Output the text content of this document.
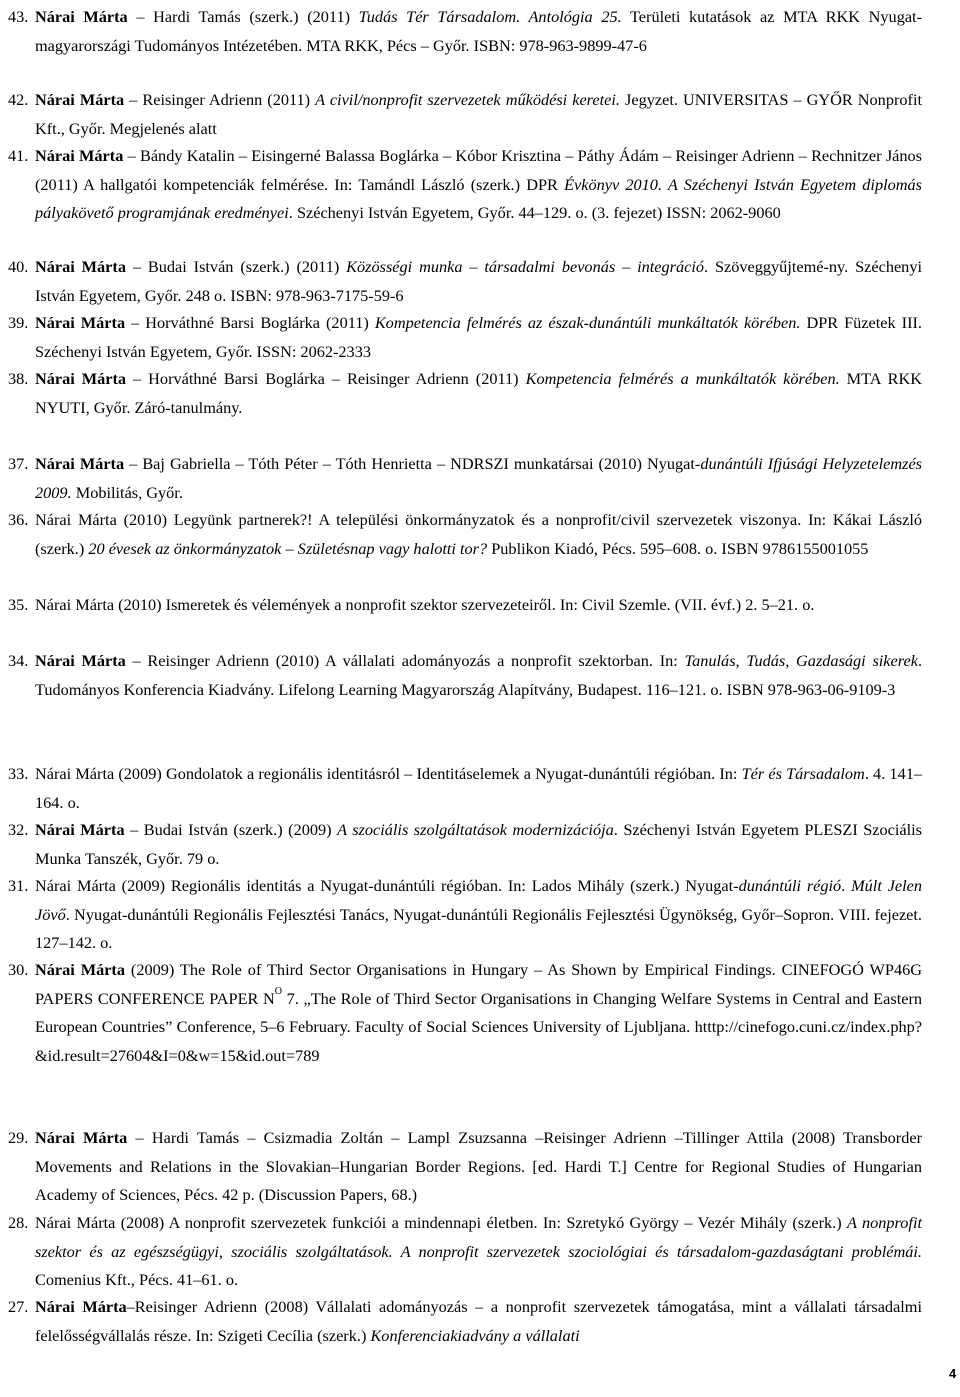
4
43. Nárai Márta – Hardi Tamás (szerk.) (2011) Tudás Tér Társadalom. Antológia 25. Területi kutatások az MTA RKK Nyugat-magyarországi Tudományos Intézetében. MTA RKK, Pécs – Győr. ISBN: 978-963-9899-47-6
42. Nárai Márta – Reisinger Adrienn (2011) A civil/nonprofit szervezetek működési keretei. Jegyzet. UNIVERSITAS – GYŐR Nonprofit Kft., Győr. Megjelenés alatt
41. Nárai Márta – Bándy Katalin – Eisingerné Balassa Boglárka – Kóbor Krisztina – Páthy Ádám – Reisinger Adrienn – Rechnitzer János (2011) A hallgatói kompetenciák felmérése. In: Tamándl László (szerk.) DPR Évkönyv 2010. A Széchenyi István Egyetem diplomás pályakövető programjának eredményei. Széchenyi István Egyetem, Győr. 44–129. o. (3. fejezet) ISSN: 2062-9060
40. Nárai Márta – Budai István (szerk.) (2011) Közösségi munka – társadalmi bevonás – integráció. Szöveggyűjtemé-ny. Széchenyi István Egyetem, Győr. 248 o. ISBN: 978-963-7175-59-6
39. Nárai Márta – Horváthné Barsi Boglárka (2011) Kompetencia felmérés az észak-dunántúli munkáltatók körében. DPR Füzetek III. Széchenyi István Egyetem, Győr. ISSN: 2062-2333
38. Nárai Márta – Horváthné Barsi Boglárka – Reisinger Adrienn (2011) Kompetencia felmérés a munkáltatók körében. MTA RKK NYUTI, Győr. Záró-tanulmány.
37. Nárai Márta – Baj Gabriella – Tóth Péter – Tóth Henrietta – NDRSZI munkatársai (2010) Nyugat-dunántúli Ifjúsági Helyzetelemzés 2009. Mobilitás, Győr.
36. Nárai Márta (2010) Legyünk partnerek?! A települési önkormányzatok és a nonprofit/civil szervezetek viszonya. In: Kákai László (szerk.) 20 évesek az önkormányzatok – Születésnap vagy halotti tor? Publikon Kiadó, Pécs. 595–608. o. ISBN 9786155001055
35. Nárai Márta (2010) Ismeretek és vélemények a nonprofit szektor szervezeteiről. In: Civil Szemle. (VII. évf.) 2. 5–21. o.
34. Nárai Márta – Reisinger Adrienn (2010) A vállalati adományozás a nonprofit szektorban. In: Tanulás, Tudás, Gazdasági sikerek. Tudományos Konferencia Kiadvány. Lifelong Learning Magyarország Alapítvány, Budapest. 116–121. o. ISBN 978-963-06-9109-3
33. Nárai Márta (2009) Gondolatok a regionális identitásról – Identitáselemek a Nyugat-dunántúli régióban. In: Tér és Társadalom. 4. 141–164. o.
32. Nárai Márta – Budai István (szerk.) (2009) A szociális szolgáltatások modernizációja. Széchenyi István Egyetem PLESZI Szociális Munka Tanszék, Győr. 79 o.
31. Nárai Márta (2009) Regionális identitás a Nyugat-dunántúli régióban. In: Lados Mihály (szerk.) Nyugat-dunántúli régió. Múlt Jelen Jövő. Nyugat-dunántúli Regionális Fejlesztési Tanács, Nyugat-dunántúli Regionális Fejlesztési Ügynökség, Győr–Sopron. VIII. fejezet. 127–142. o.
30. Nárai Márta (2009) The Role of Third Sector Organisations in Hungary – As Shown by Empirical Findings. CINEFOGÓ WP46G PAPERS CONFERENCE PAPER $N^O$ 7. „The Role of Third Sector Organisations in Changing Welfare Systems in Central and Eastern European Countries” Conference, 5–6 February. Faculty of Social Sciences University of Ljubljana. htttp://cinefogo.cuni.cz/index.php?&id.result=27604&I=0&w=15&id.out=789
29. Nárai Márta – Hardi Tamás – Csizmadia Zoltán – Lampl Zsuzsanna –Reisinger Adrienn –Tillinger Attila (2008) Transborder Movements and Relations in the Slovakian–Hungarian Border Regions. [ed. Hardi T.] Centre for Regional Studies of Hungarian Academy of Sciences, Pécs. 42 p. (Discussion Papers, 68.)
28. Nárai Márta (2008) A nonprofit szervezetek funkciói a mindennapi életben. In: Szretykó György – Vezér Mihály (szerk.) A nonprofit szektor és az egészségügyi, szociális szolgáltatások. A nonprofit szervezetek szociológiai és társadalom-gazdaságtani problémái. Comenius Kft., Pécs. 41–61. o.
27. Nárai Márta–Reisinger Adrienn (2008) Vállalati adományozás – a nonprofit szervezetek támogatása, mint a vállalati társadalmi felelősségvállalás része. In: Szigeti Cecília (szerk.) Konferenciakiadvány a vállalati
